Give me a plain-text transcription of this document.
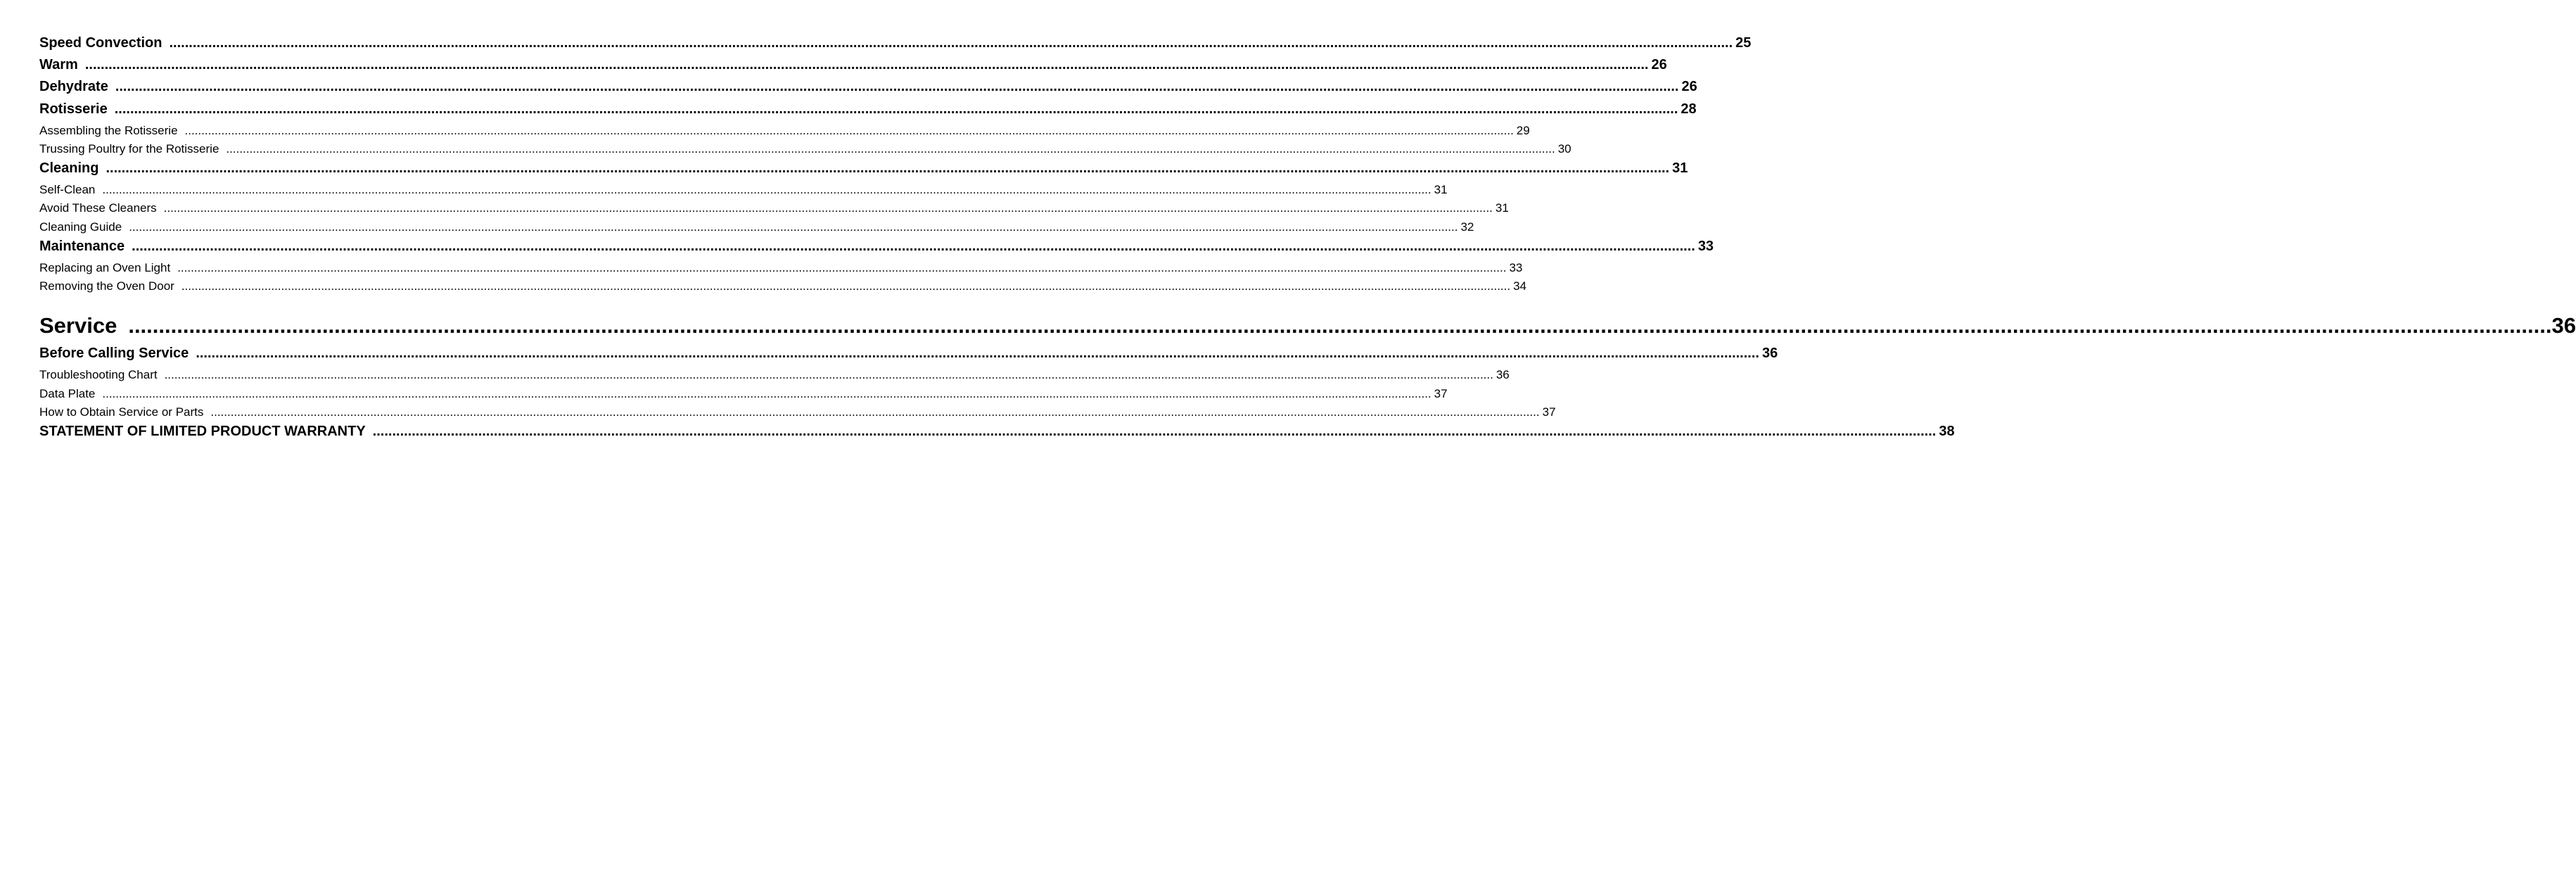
Speed Convection ................................................................................................................................................................................................................................................................................................................................................................................................................ 25
Warm ................................................................................................................................................................................................................................................................................................................................................................................................................ 26
Dehydrate ................................................................................................................................................................................................................................................................................................................................................................................................................ 26
Rotisserie ................................................................................................................................................................................................................................................................................................................................................................................................................ 28
Assembling the Rotisserie ................................................................................................................................................................................................................................................................................................................................................................................................................ 29
Trussing Poultry for the Rotisserie ................................................................................................................................................................................................................................................................................................................................................................................................................ 30
Cleaning ................................................................................................................................................................................................................................................................................................................................................................................................................ 31
Self-Clean ................................................................................................................................................................................................................................................................................................................................................................................................................ 31
Avoid These Cleaners ................................................................................................................................................................................................................................................................................................................................................................................................................ 31
Cleaning Guide ................................................................................................................................................................................................................................................................................................................................................................................................................ 32
Maintenance ................................................................................................................................................................................................................................................................................................................................................................................................................ 33
Replacing an Oven Light ................................................................................................................................................................................................................................................................................................................................................................................................................ 33
Removing the Oven Door ................................................................................................................................................................................................................................................................................................................................................................................................................ 34
Service ................................................................................................................................................................................................................................................................................................................................................................................................................ 36
Before Calling Service ................................................................................................................................................................................................................................................................................................................................................................................................................ 36
Troubleshooting Chart ................................................................................................................................................................................................................................................................................................................................................................................................................ 36
Data Plate ................................................................................................................................................................................................................................................................................................................................................................................................................ 37
How to Obtain Service or Parts ................................................................................................................................................................................................................................................................................................................................................................................................................ 37
STATEMENT OF LIMITED PRODUCT WARRANTY ................................................................................................................................................................................................................................................................................................................................................................................................................ 38
